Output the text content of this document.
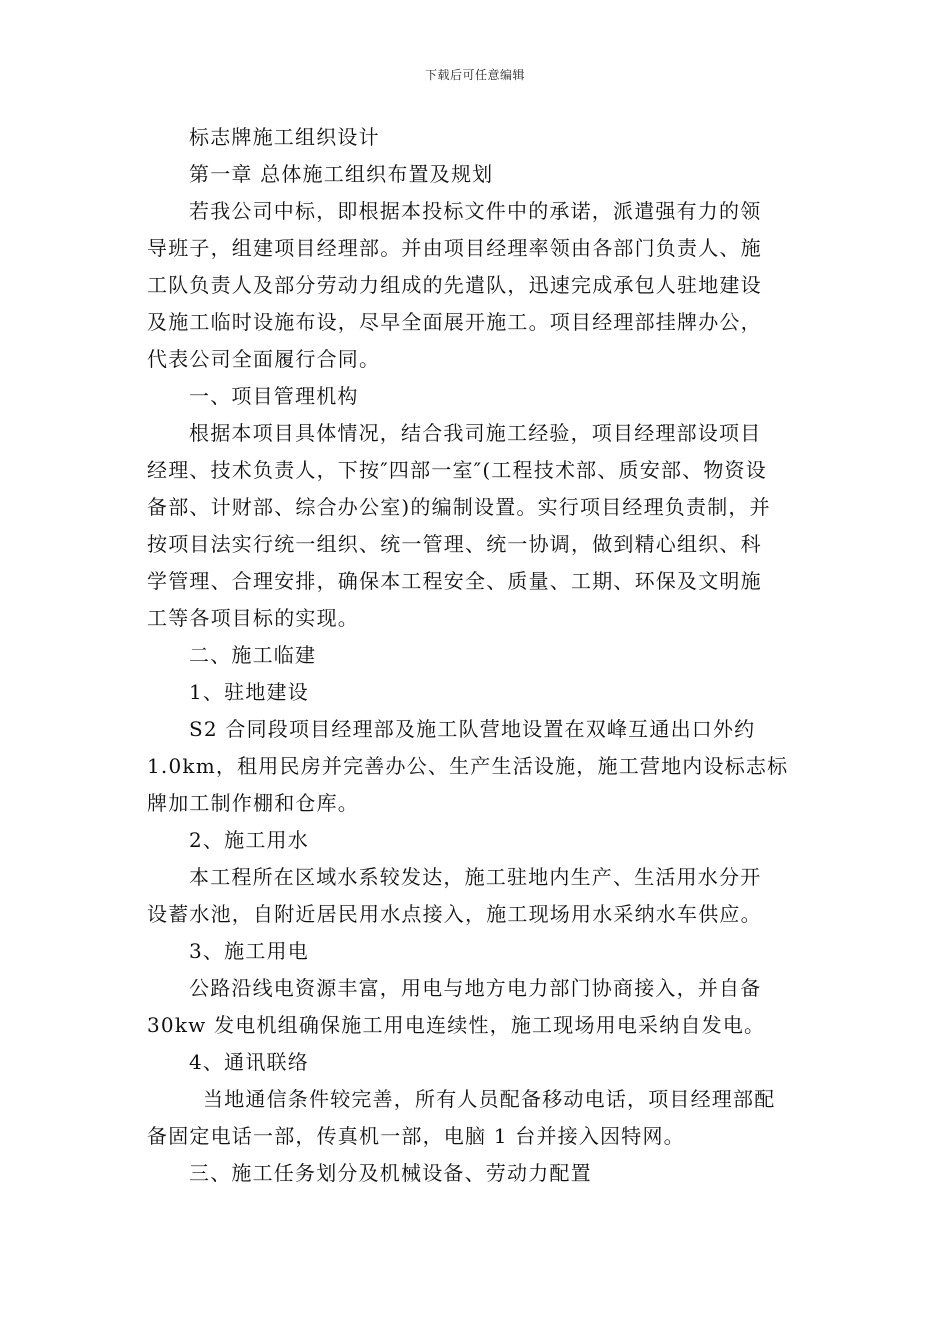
下载后可任意编辑
标志牌施工组织设计
第一章 总体施工组织布置及规划
若我公司中标，即根据本投标文件中的承诺，派遣强有力的领
导班子，组建项目经理部。并由项目经理率领由各部门负责人、施
工队负责人及部分劳动力组成的先遣队，迅速完成承包人驻地建设
及施工临时设施布设，尽早全面展开施工。项目经理部挂牌办公，
代表公司全面履行合同。
一、项目管理机构
根据本项目具体情况，结合我司施工经验，项目经理部设项目
经理、技术负责人，下按″四部一室″(工程技术部、质安部、物资设
备部、计财部、综合办公室)的编制设置。实行项目经理负责制，并
按项目法实行统一组织、统一管理、统一协调，做到精心组织、科
学管理、合理安排，确保本工程安全、质量、工期、环保及文明施
工等各项目标的实现。
二、施工临建
1、驻地建设
S2 合同段项目经理部及施工队营地设置在双峰互通出口外约
1.0km，租用民房并完善办公、生产生活设施，施工营地内设标志标
牌加工制作棚和仓库。
2、施工用水
本工程所在区域水系较发达，施工驻地内生产、生活用水分开
设蓄水池，自附近居民用水点接入，施工现场用水采纳水车供应。
3、施工用电
公路沿线电资源丰富，用电与地方电力部门协商接入，并自备
30kw 发电机组确保施工用电连续性，施工现场用电采纳自发电。
4、通讯联络
当地通信条件较完善，所有人员配备移动电话，项目经理部配
备固定电话一部，传真机一部，电脑 1 台并接入因特网。
三、施工任务划分及机械设备、劳动力配置
